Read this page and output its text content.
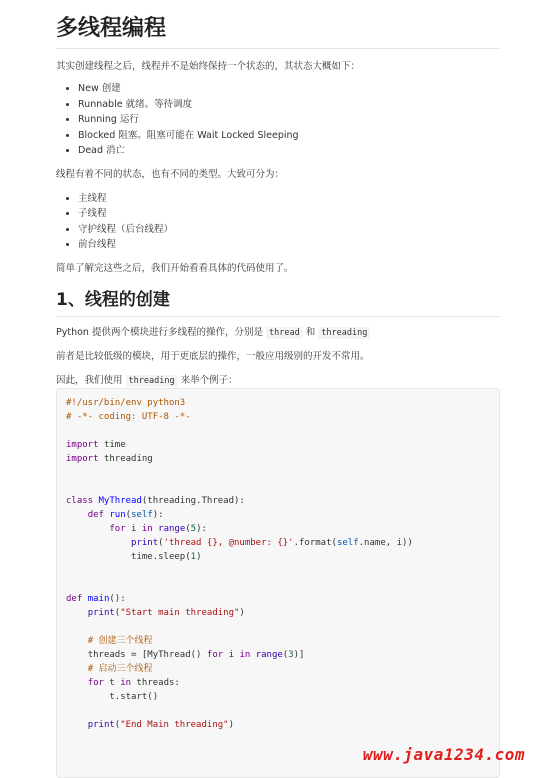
多线程编程

其实创建线程之后，线程并不是始终保持一个状态的，其状态大概如下：

• New 创建
• Runnable 就绪。等待调度
• Running 运行
• Blocked 阻塞。阻塞可能在 Wait Locked Sleeping
• Dead 消亡

线程有着不同的状态，也有不同的类型。大致可分为：

• 主线程
• 子线程
• 守护线程（后台线程）
• 前台线程

简单了解完这些之后，我们开始看看具体的代码使用了。

1、线程的创建

Python 提供两个模块进行多线程的操作，分别是 thread 和 threading

前者是比较低级的模块，用于更底层的操作，一般应用级别的开发不常用。

因此，我们使用 threading 来举个例子：

#!/usr/bin/env python3
# -*- coding: UTF-8 -*-

import time
import threading

class MyThread(threading.Thread):
def run(self):
for i in range(5):
print('thread {}, @number: {}'.format(self.name, i))
time.sleep(1)

def main():
print("Start main threading")

# 创建三个线程
threads = [MyThread() for i in range(3)]
# 启动三个线程
for t in threads:
t.start()

print("End Main threading")
www.java1234.com
